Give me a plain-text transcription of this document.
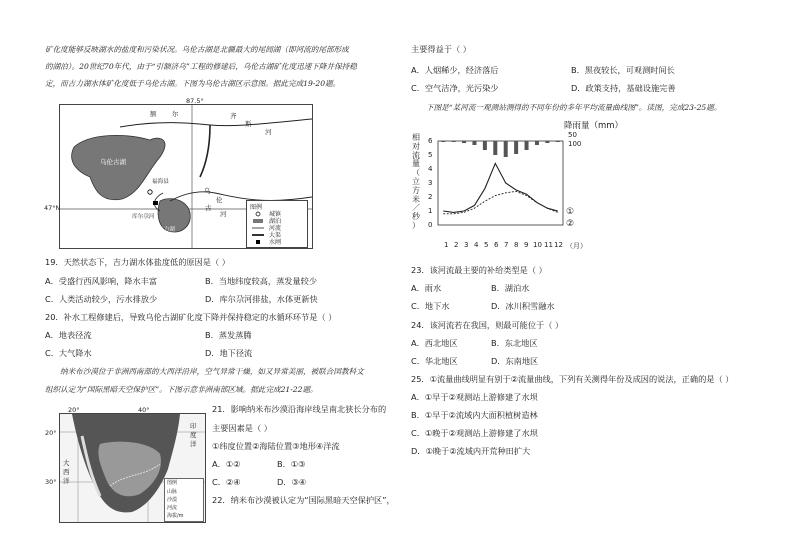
矿化度能够反映湖水的盐度和污染状况。乌伦古湖是北疆最大的尾闾湖（即河流的尾部形成
的湖泊）。20世纪70年代，由于“引额济乌”工程的修建后，乌伦古湖矿化度迅速下降并保持稳
定，而吉力湖水体矿化度低于乌伦古湖。下图为乌伦古湖区示意图。据此完成19-20题。
额 尔	齐
斯
河
乌伦古湖
福海县
乌
伦
古
河
库尔尕河
吉力湖
图例
城镇
湖泊
河流
大渠
水闸
87.5°
47°N
19．天然状态下，吉力湖水体盐度低的原因是（ ）
A．受盛行西风影响，降水丰富	B．当地纬度较高，蒸发量较少
C．人类活动较少，污水排放少	D．库尔尕河排盐，水体更新快
20．补水工程修建后，导致乌伦古湖矿化度下降并保持稳定的水循环环节是（ ）
A．地表径流	B．蒸发蒸腾
C．大气降水	D．地下径流
纳米布沙漠位于非洲西南部的大西洋沿岸，空气异常干燥，如又异常美丽，被联合国教科文
组织认定为“国际黑暗天空保护区”。下图示意非洲南部区域。据此完成21-22题。
大西洋
印度洋
图例
山脉
沙漠
河流
海拔/m
20°	40°
20°
30°
21．影响纳米布沙漠沿海岸线呈南北狭长分布的
主要因素是（ ）
①纬度位置②海陆位置③地形④洋流
A．①②	B．①③
C．②④	D．③④
22．纳米布沙漠被认定为“国际黑暗天空保护区”，
主要得益于（ ）
A．人烟稀少，经济落后	B．黑夜较长，可观测时间长
C．空气洁净，光污染少	D．政策支持，基础设施完善
下图是“某河流一观测站测得的不同年份的多年平均流量曲线图”。读图，完成23-25题。
降雨量（mm）
50
100
相
对
流
量
（
立
方
米
／
秒
）
6
5
4
3
2
1
0
1 2 3 4 5 6 7 8 9 10 11 12 （月）
①
②
23．该河流最主要的补给类型是（ ）
A．雨水	B．湖泊水
C．地下水	D．冰川积雪融水
24．该河流若在我国，则最可能位于（ ）
A．西北地区	B．东北地区
C．华北地区	D．东南地区
25．①流量曲线明显有别于②流量曲线，下列有关测得年份及成因的说法，正确的是（ ）
A．①早于②观测站上游修建了水坝
B．①早于②流域内大面积植树造林
C．①晚于②观测站上游修建了水坝
D．①晚于②流域内开荒种田扩大
